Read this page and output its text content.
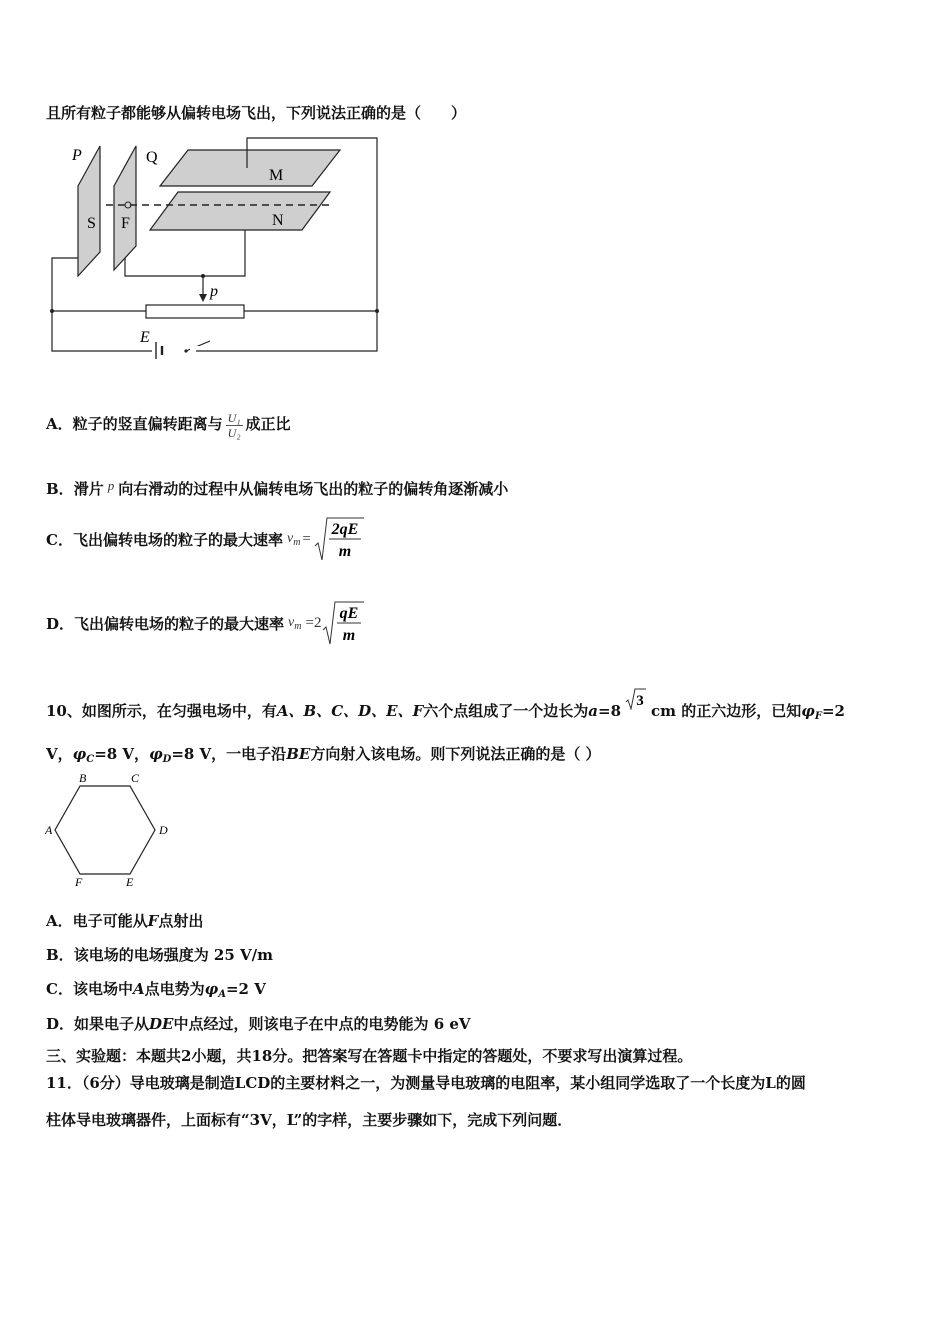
且所有粒子都能够从偏转电场飞出，下列说法正确的是（　　）
P	Q
M
N
S F
p
E
A．粒子的竖直偏转距离与 $\frac{\text{U₁}}{\text{U₂}}$ 成正比
B．滑片 p 向右滑动的过程中从偏转电场飞出的粒子的偏转角逐渐减小
C． 飞出偏转电场的粒子的最大速率 $v_m$ =
2qE
m
D． 飞出偏转电场的粒子的最大速率 $v_m =2$
qE
m
10、如图所示，在匀强电场中，有A、B、C、D、E、F六个点组成了一个边长为a=8
3
cm 的正六边形，已知$\varphi_F=2$
V，$\varphi_C=8$ V，$\varphi_D=8$ V，一电子沿BE方向射入该电场。则下列说法正确的是（ ）
B	C
A	D
F	E
A．电子可能从F点射出
B．该电场的电场强度为 25 V/m
C．该电场中A点电势为$\varphi_A=2$ V
D．如果电子从DE中点经过，则该电子在中点的电势能为 6 eV
三、实验题：本题共2小题，共18分。把答案写在答题卡中指定的答题处，不要求写出演算过程。
11．（6分）导电玻璃是制造LCD的主要材料之一，为测量导电玻璃的电阻率，某小组同学选取了一个长度为L的圆
柱体导电玻璃器件，上面标有“3V，L”的字样，主要步骤如下，完成下列问题．
